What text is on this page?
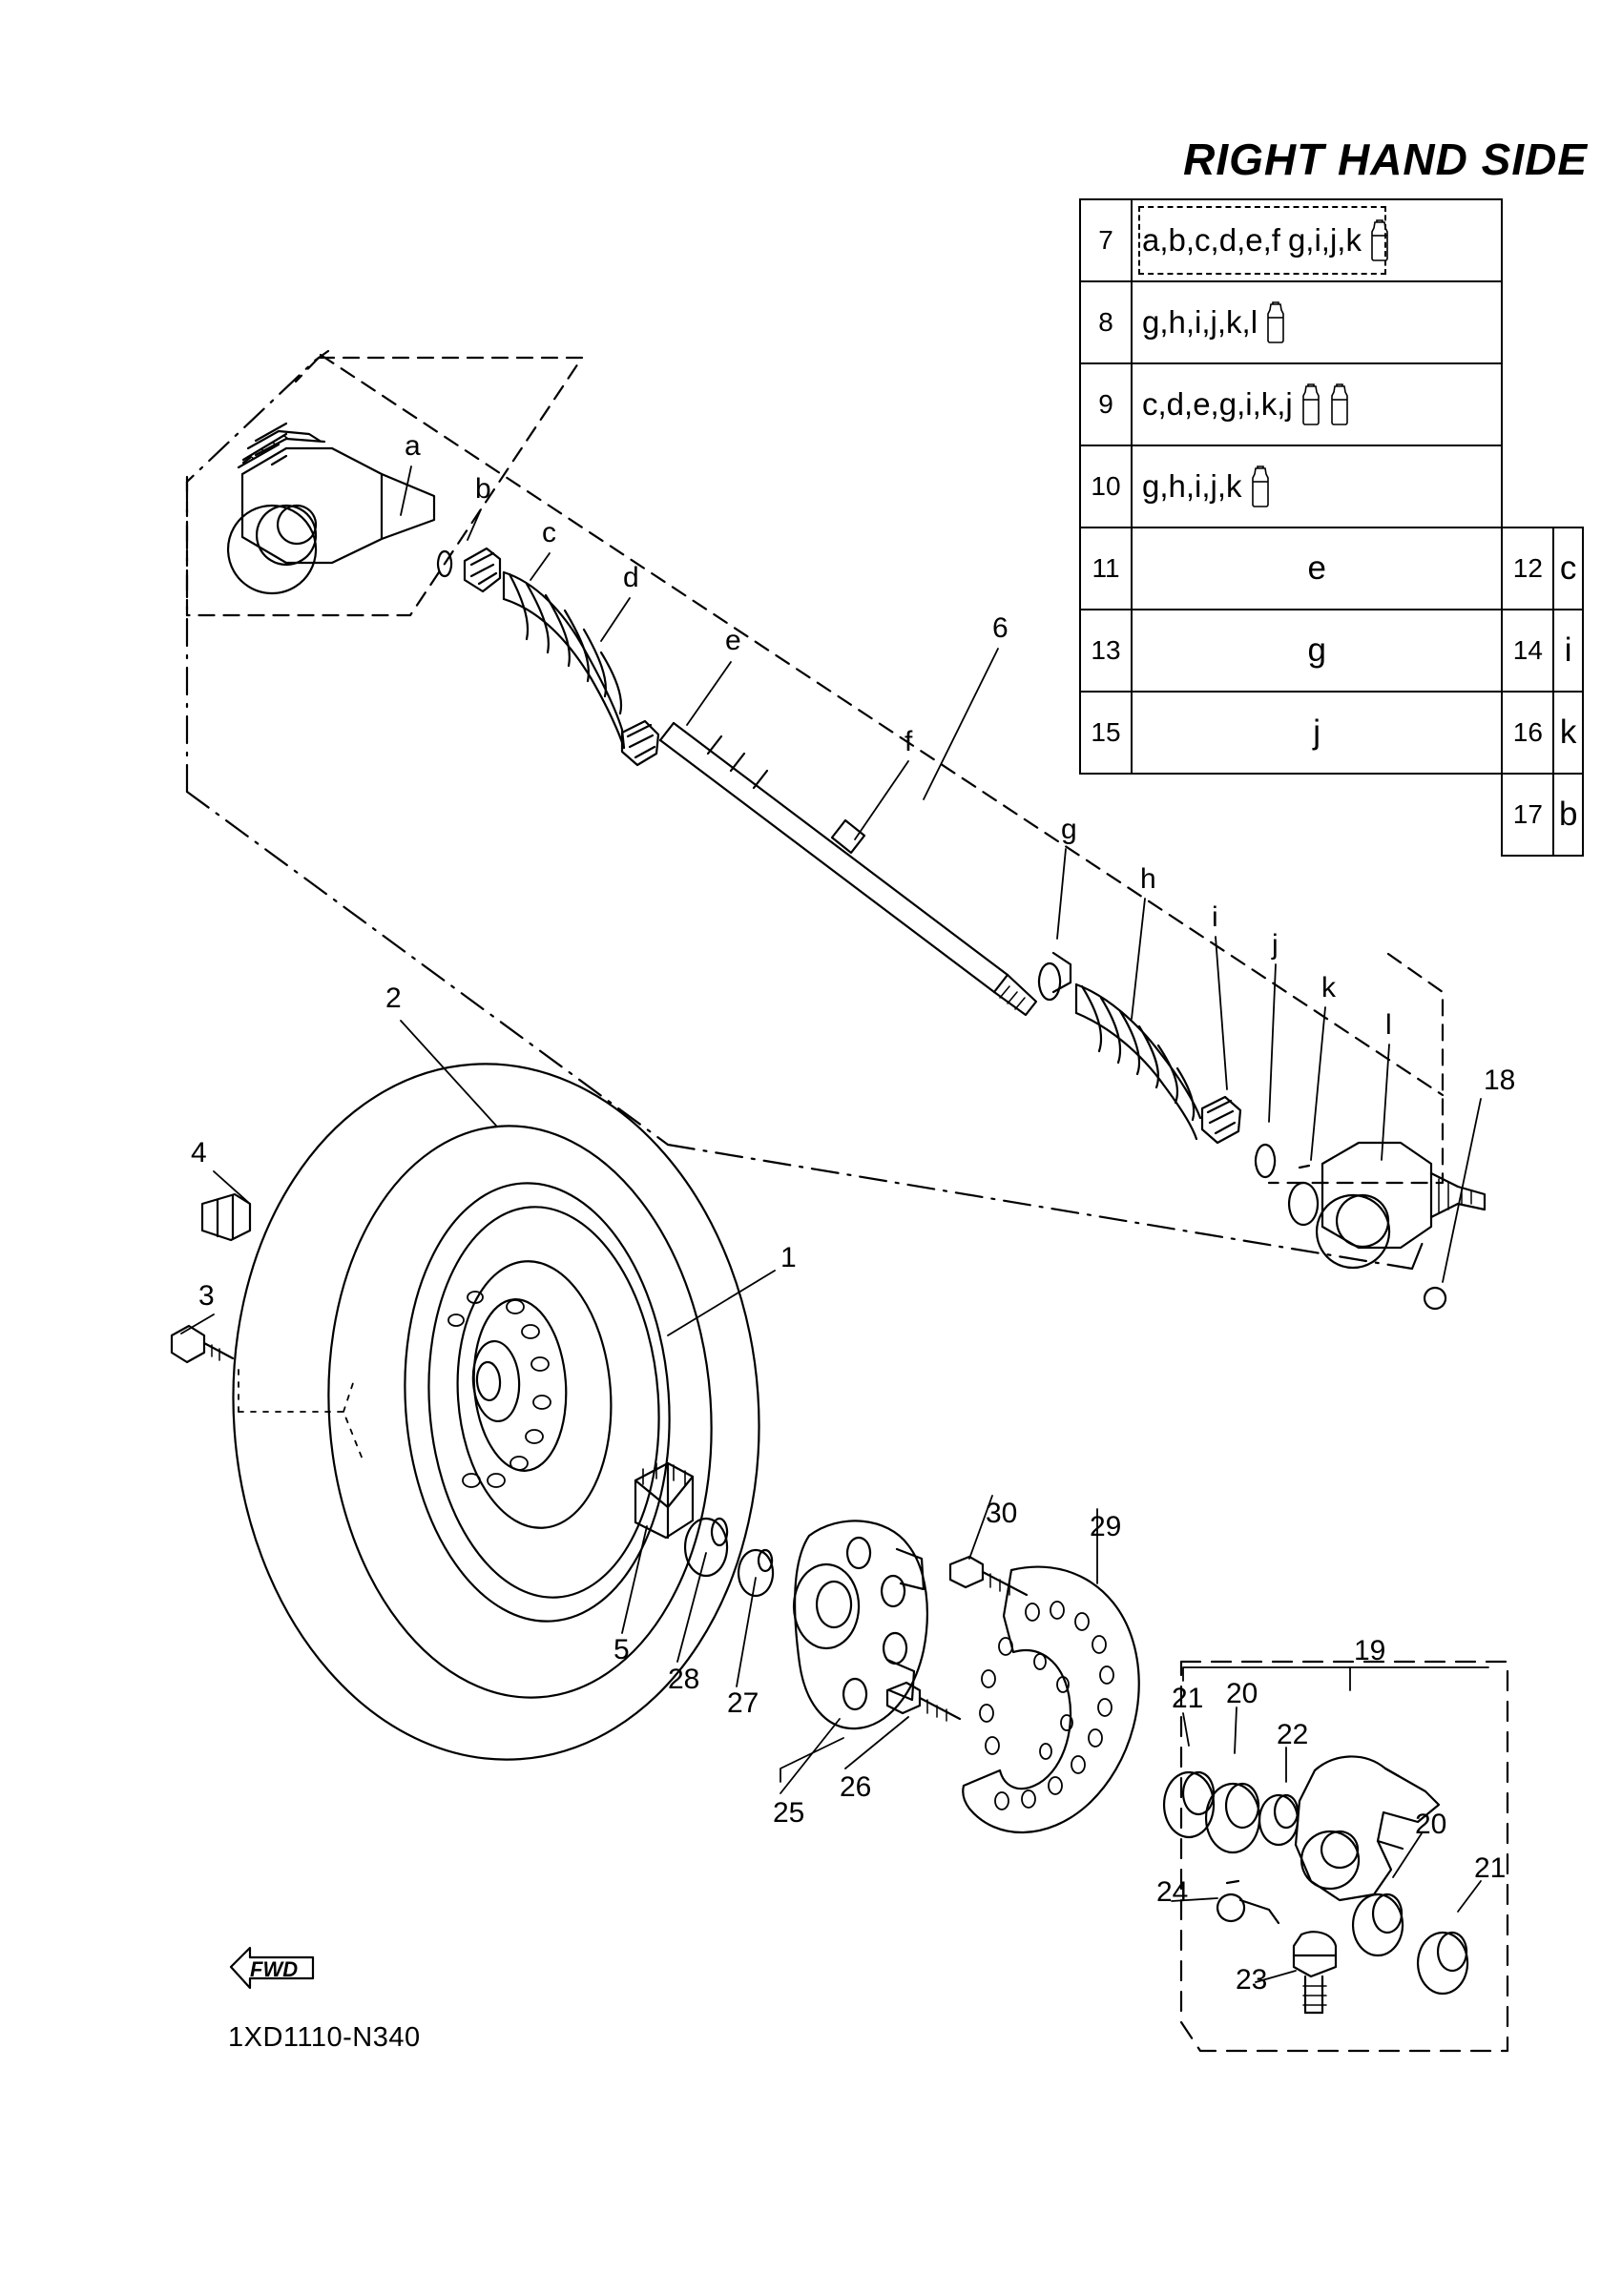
RIGHT HAND SIDE
7	a,b,c,d,e,f g,i,j,k		

8	g,h,i,j,k,l		

9	c,d,e,g,i,k,j		

10	g,h,i,j,k		

11	e	12	c
13	g	14	i
15	j	16	k
		17	b
a
b
c
d
e
f
g
h
i
j
k
l
1
2
3
4
5
6
18
19
20
20
21
21
22
23
24
25
26
27
28
29
30
FWD
1XD1110-N340
